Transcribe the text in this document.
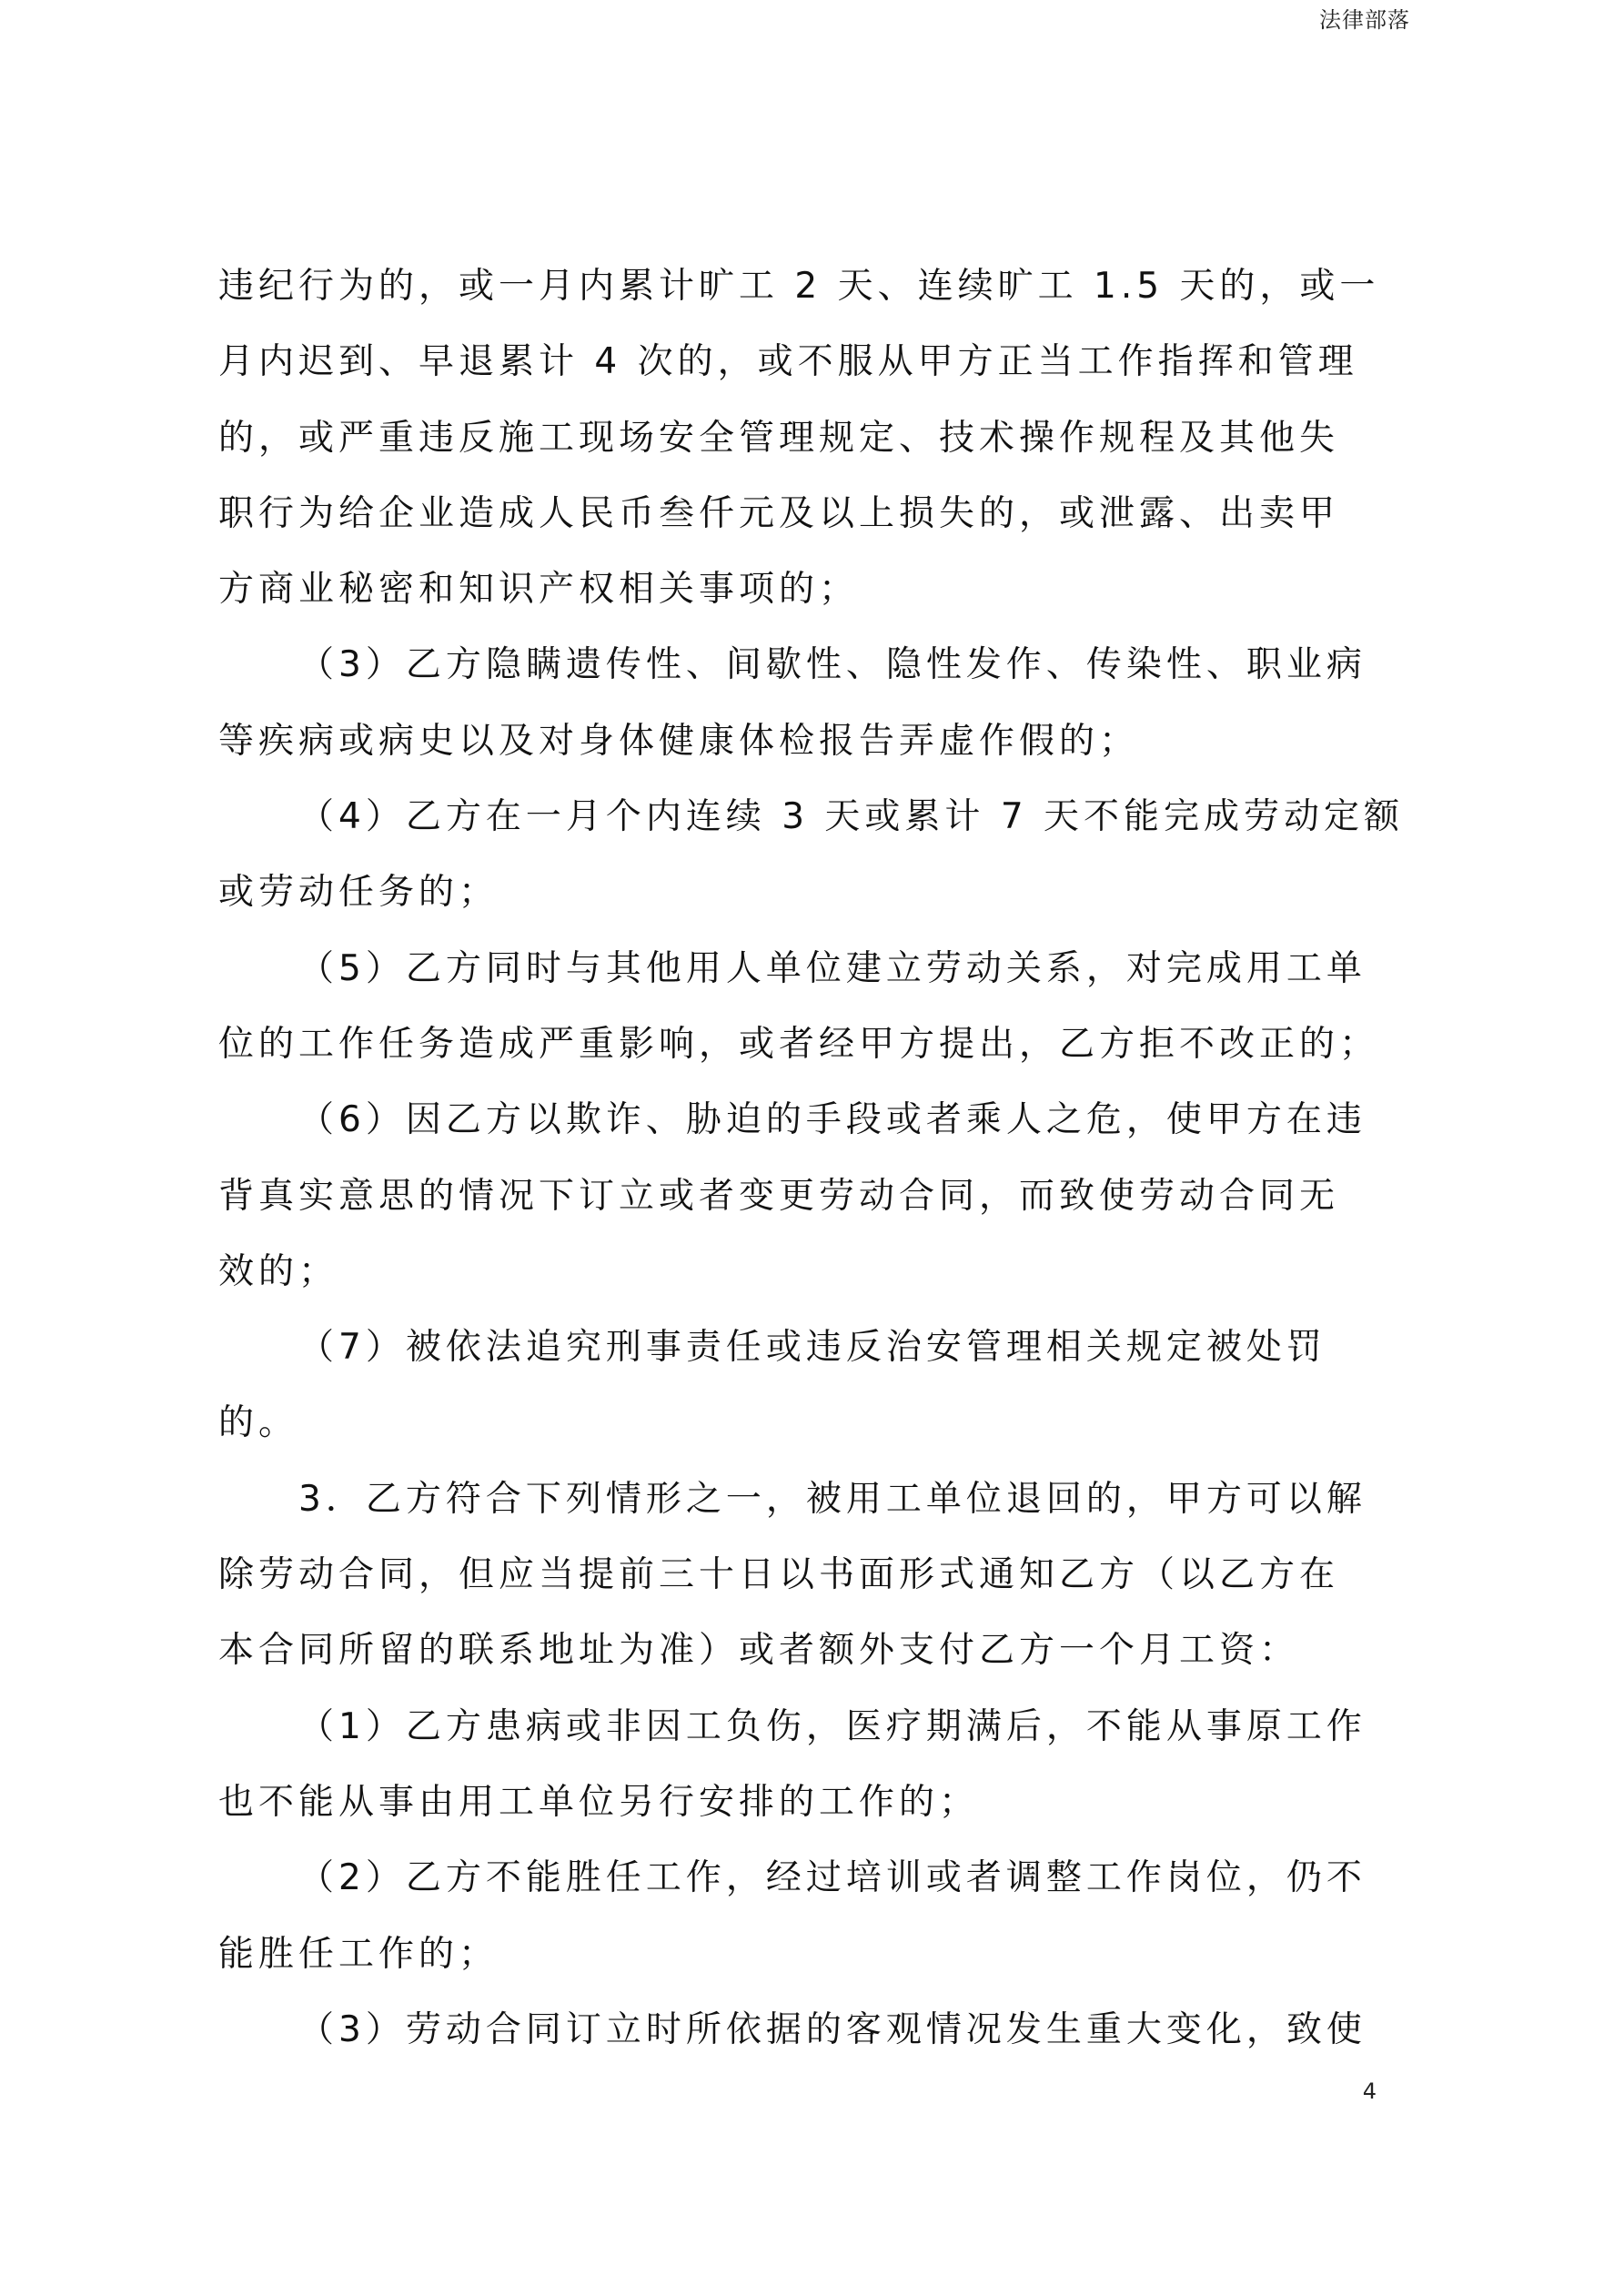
法律部落
违纪行为的，或一月内累计旷工 2 天、连续旷工 1.5 天的，或一
月内迟到、早退累计 4 次的，或不服从甲方正当工作指挥和管理
的，或严重违反施工现场安全管理规定、技术操作规程及其他失
职行为给企业造成人民币叁仟元及以上损失的，或泄露、出卖甲
方商业秘密和知识产权相关事项的；
（3）乙方隐瞒遗传性、间歇性、隐性发作、传染性、职业病
等疾病或病史以及对身体健康体检报告弄虚作假的；
（4）乙方在一月个内连续 3 天或累计 7 天不能完成劳动定额
或劳动任务的；
（5）乙方同时与其他用人单位建立劳动关系，对完成用工单
位的工作任务造成严重影响，或者经甲方提出，乙方拒不改正的；
（6）因乙方以欺诈、胁迫的手段或者乘人之危，使甲方在违
背真实意思的情况下订立或者变更劳动合同，而致使劳动合同无
效的；
（7）被依法追究刑事责任或违反治安管理相关规定被处罚
的。
3．乙方符合下列情形之一，被用工单位退回的，甲方可以解
除劳动合同，但应当提前三十日以书面形式通知乙方（以乙方在
本合同所留的联系地址为准）或者额外支付乙方一个月工资：
（1）乙方患病或非因工负伤，医疗期满后，不能从事原工作
也不能从事由用工单位另行安排的工作的；
（2）乙方不能胜任工作，经过培训或者调整工作岗位，仍不
能胜任工作的；
（3）劳动合同订立时所依据的客观情况发生重大变化，致使
4
